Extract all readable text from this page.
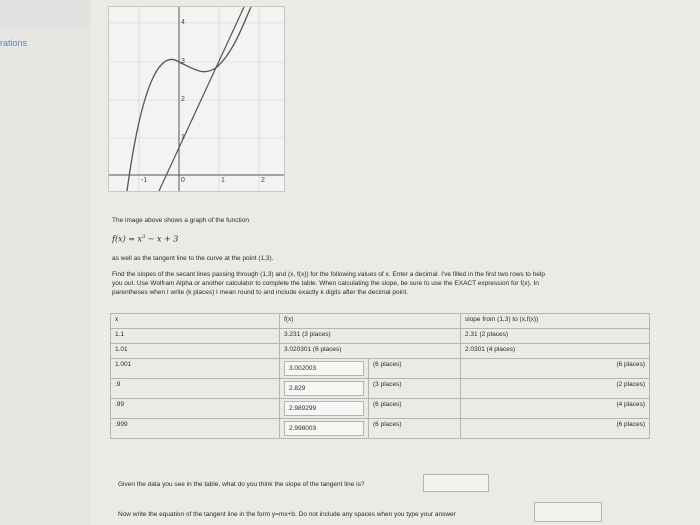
rations
4
3
2
1
-1	0	1	2
The image above shows a graph of the function
$f(x) = x^3 - x + 3$
as well as the tangent line to the curve at the point (1,3).
Find the slopes of the secant lines passing through (1,3) and (x, f(x)) for the following values of x. Enter a decimal. I've filled in the first two rows to help
you out. Use Wolfram Alpha or another calculator to complete the table. When calculating the slope, be sure to use the EXACT expression for f(x). In
parentheses when I write (k places) I mean round to and include exactly k digits after the decimal point.
x	f(x)		slope from (1,3) to (x,f(x))
1.1	3.231 (3 places)		2.31 (2 places)
1.01	3.020301 (6 places)		2.0301 (4 places)
1.001	3.002003	(6 places)	(6 places)
.9	2.829	(3 places)	(2 places)
.99	2.989299	(6 places)	(4 places)
.999	2.998003	(6 places)	(6 places)
Given the data you see in the table, what do you think the slope of the tangent line is?
Now write the equation of the tangent line in the form y=mx+b. Do not include any spaces when you type your answer
